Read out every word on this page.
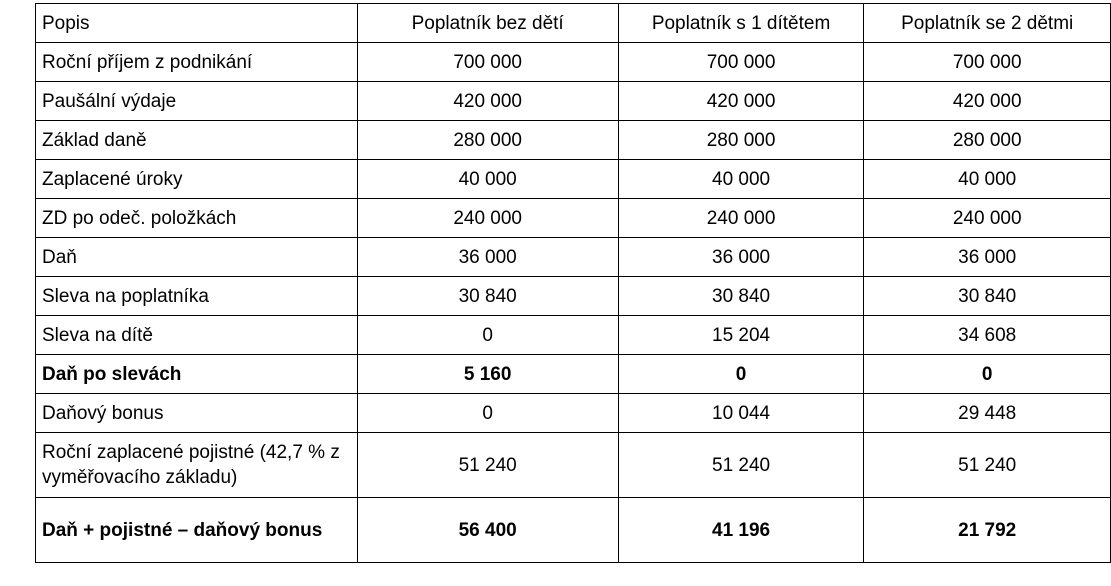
Popis	Poplatník bez dětí	Poplatník s 1 dítětem	Poplatník se 2 dětmi
Roční příjem z podnikání	700 000	700 000	700 000
Paušální výdaje	420 000	420 000	420 000
Základ daně	280 000	280 000	280 000
Zaplacené úroky	40 000	40 000	40 000
ZD po odeč. položkách	240 000	240 000	240 000
Daň	36 000	36 000	36 000
Sleva na poplatníka	30 840	30 840	30 840
Sleva na dítě	0	15 204	34 608
Daň po slevách	5 160	0	0
Daňový bonus	0	10 044	29 448
Roční zaplacené pojistné (42,7 % z vyměřovacího základu)	51 240	51 240	51 240
Daň + pojistné – daňový bonus	56 400	41 196	21 792
